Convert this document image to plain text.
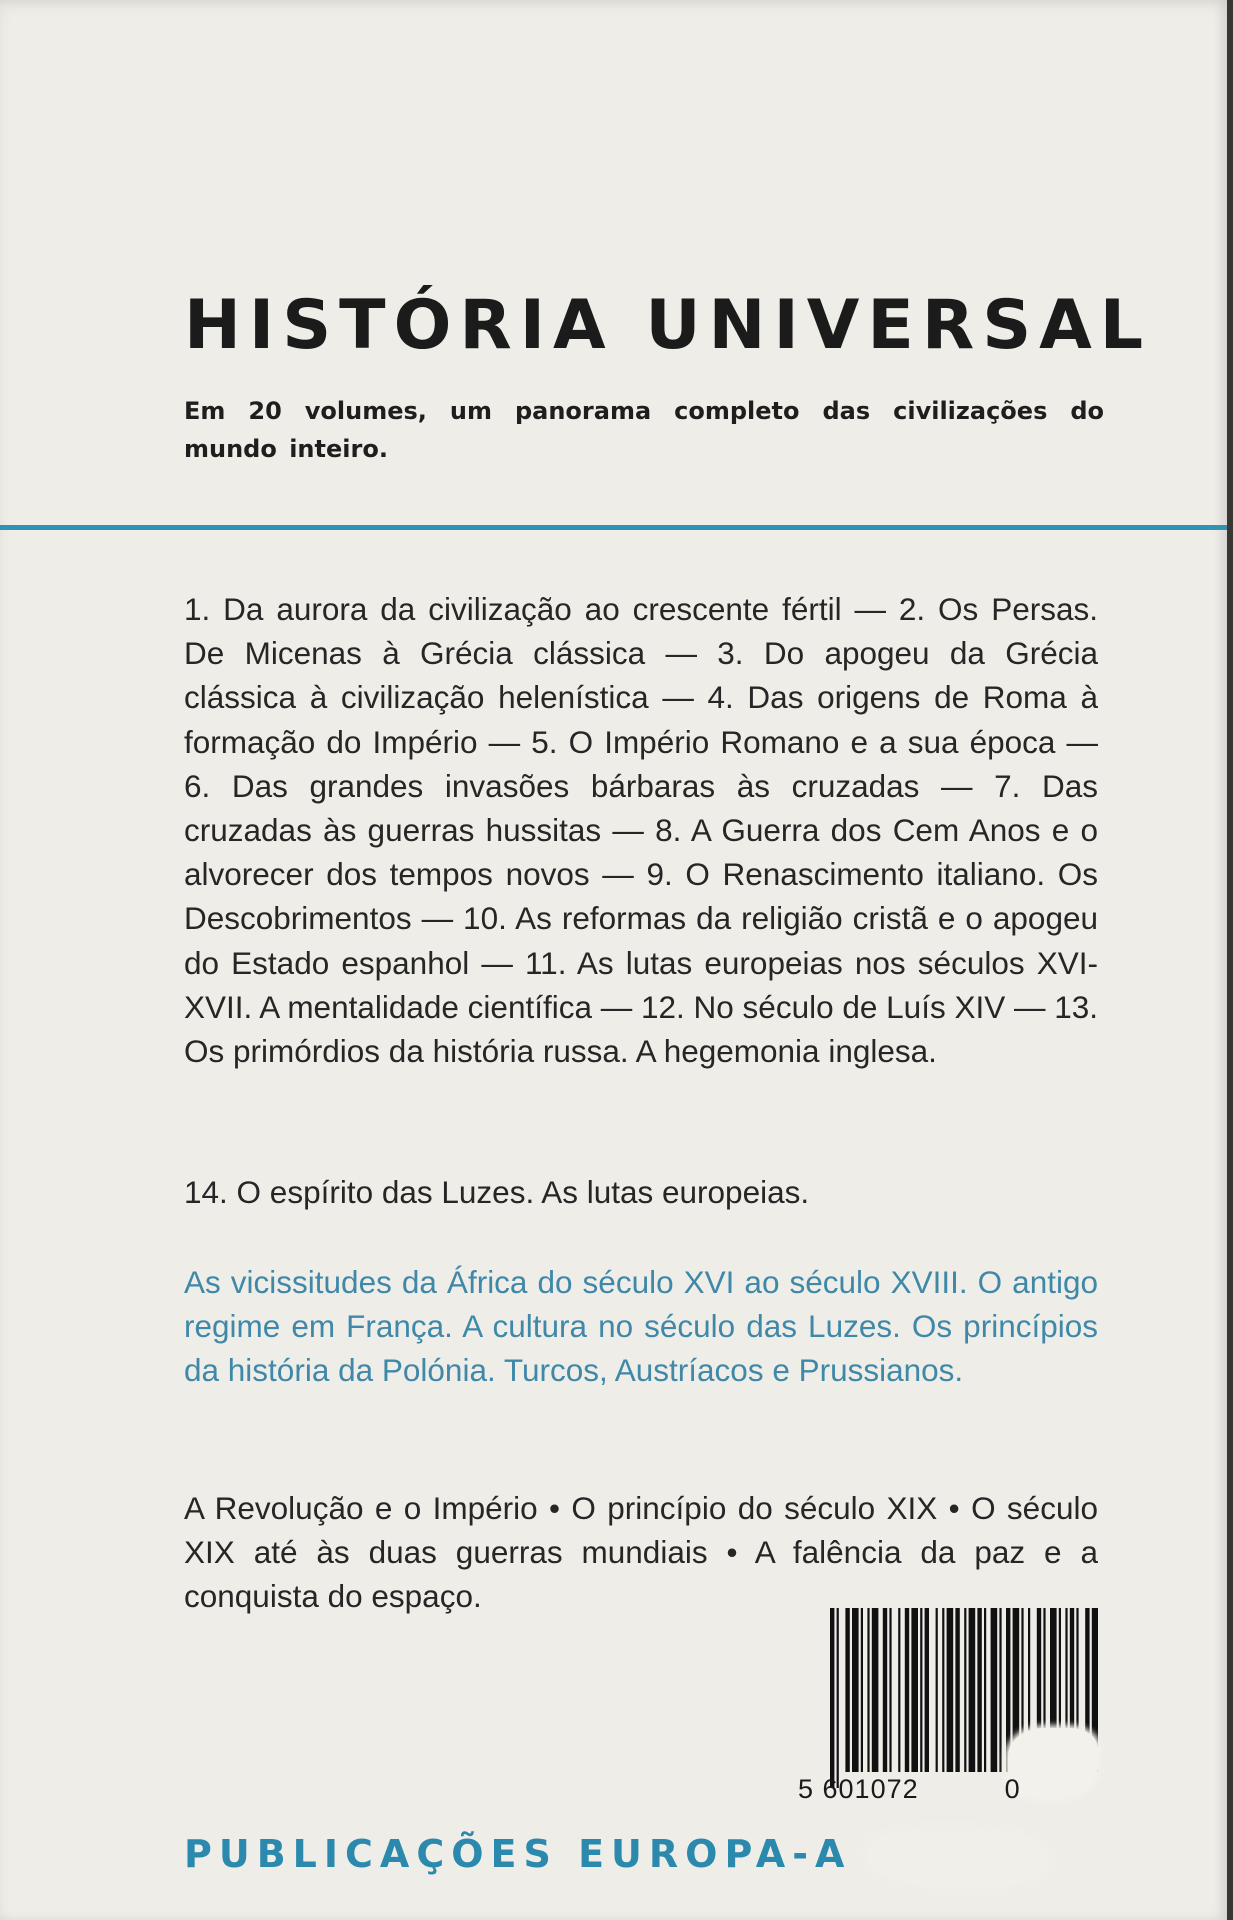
HISTÓRIA UNIVERSAL

Em 20 volumes, um panorama completo das civilizações do mundo inteiro.

1. Da aurora da civilização ao crescente fértil — 2. Os Persas. De Micenas à Grécia clássica — 3. Do apogeu da Grécia clássica à civilização helenística — 4. Das origens de Roma à formação do Império — 5. O Império Romano e a sua época — 6. Das grandes invasões bárbaras às cruzadas — 7. Das cruzadas às guerras hussitas — 8. A Guerra dos Cem Anos e o alvorecer dos tempos novos — 9. O Renascimento italiano. Os Descobrimentos — 10. As reformas da religião cristã e o apogeu do Estado espanhol — 11. As lutas europeias nos séculos XVI-XVII. A mentalidade científica — 12. No século de Luís XIV — 13. Os primórdios da história russa. A hegemonia inglesa.

14. O espírito das Luzes. As lutas europeias.

As vicissitudes da África do século XVI ao século XVIII. O antigo regime em França. A cultura no século das Luzes. Os princípios da história da Polónia. Turcos, Austríacos e Prussianos.

A Revolução e o Império • O princípio do século XIX • O século XIX até às duas guerras mundiais • A falência da paz e a conquista do espaço.

5 601072	0

PUBLICAÇÕES EUROPA-A
